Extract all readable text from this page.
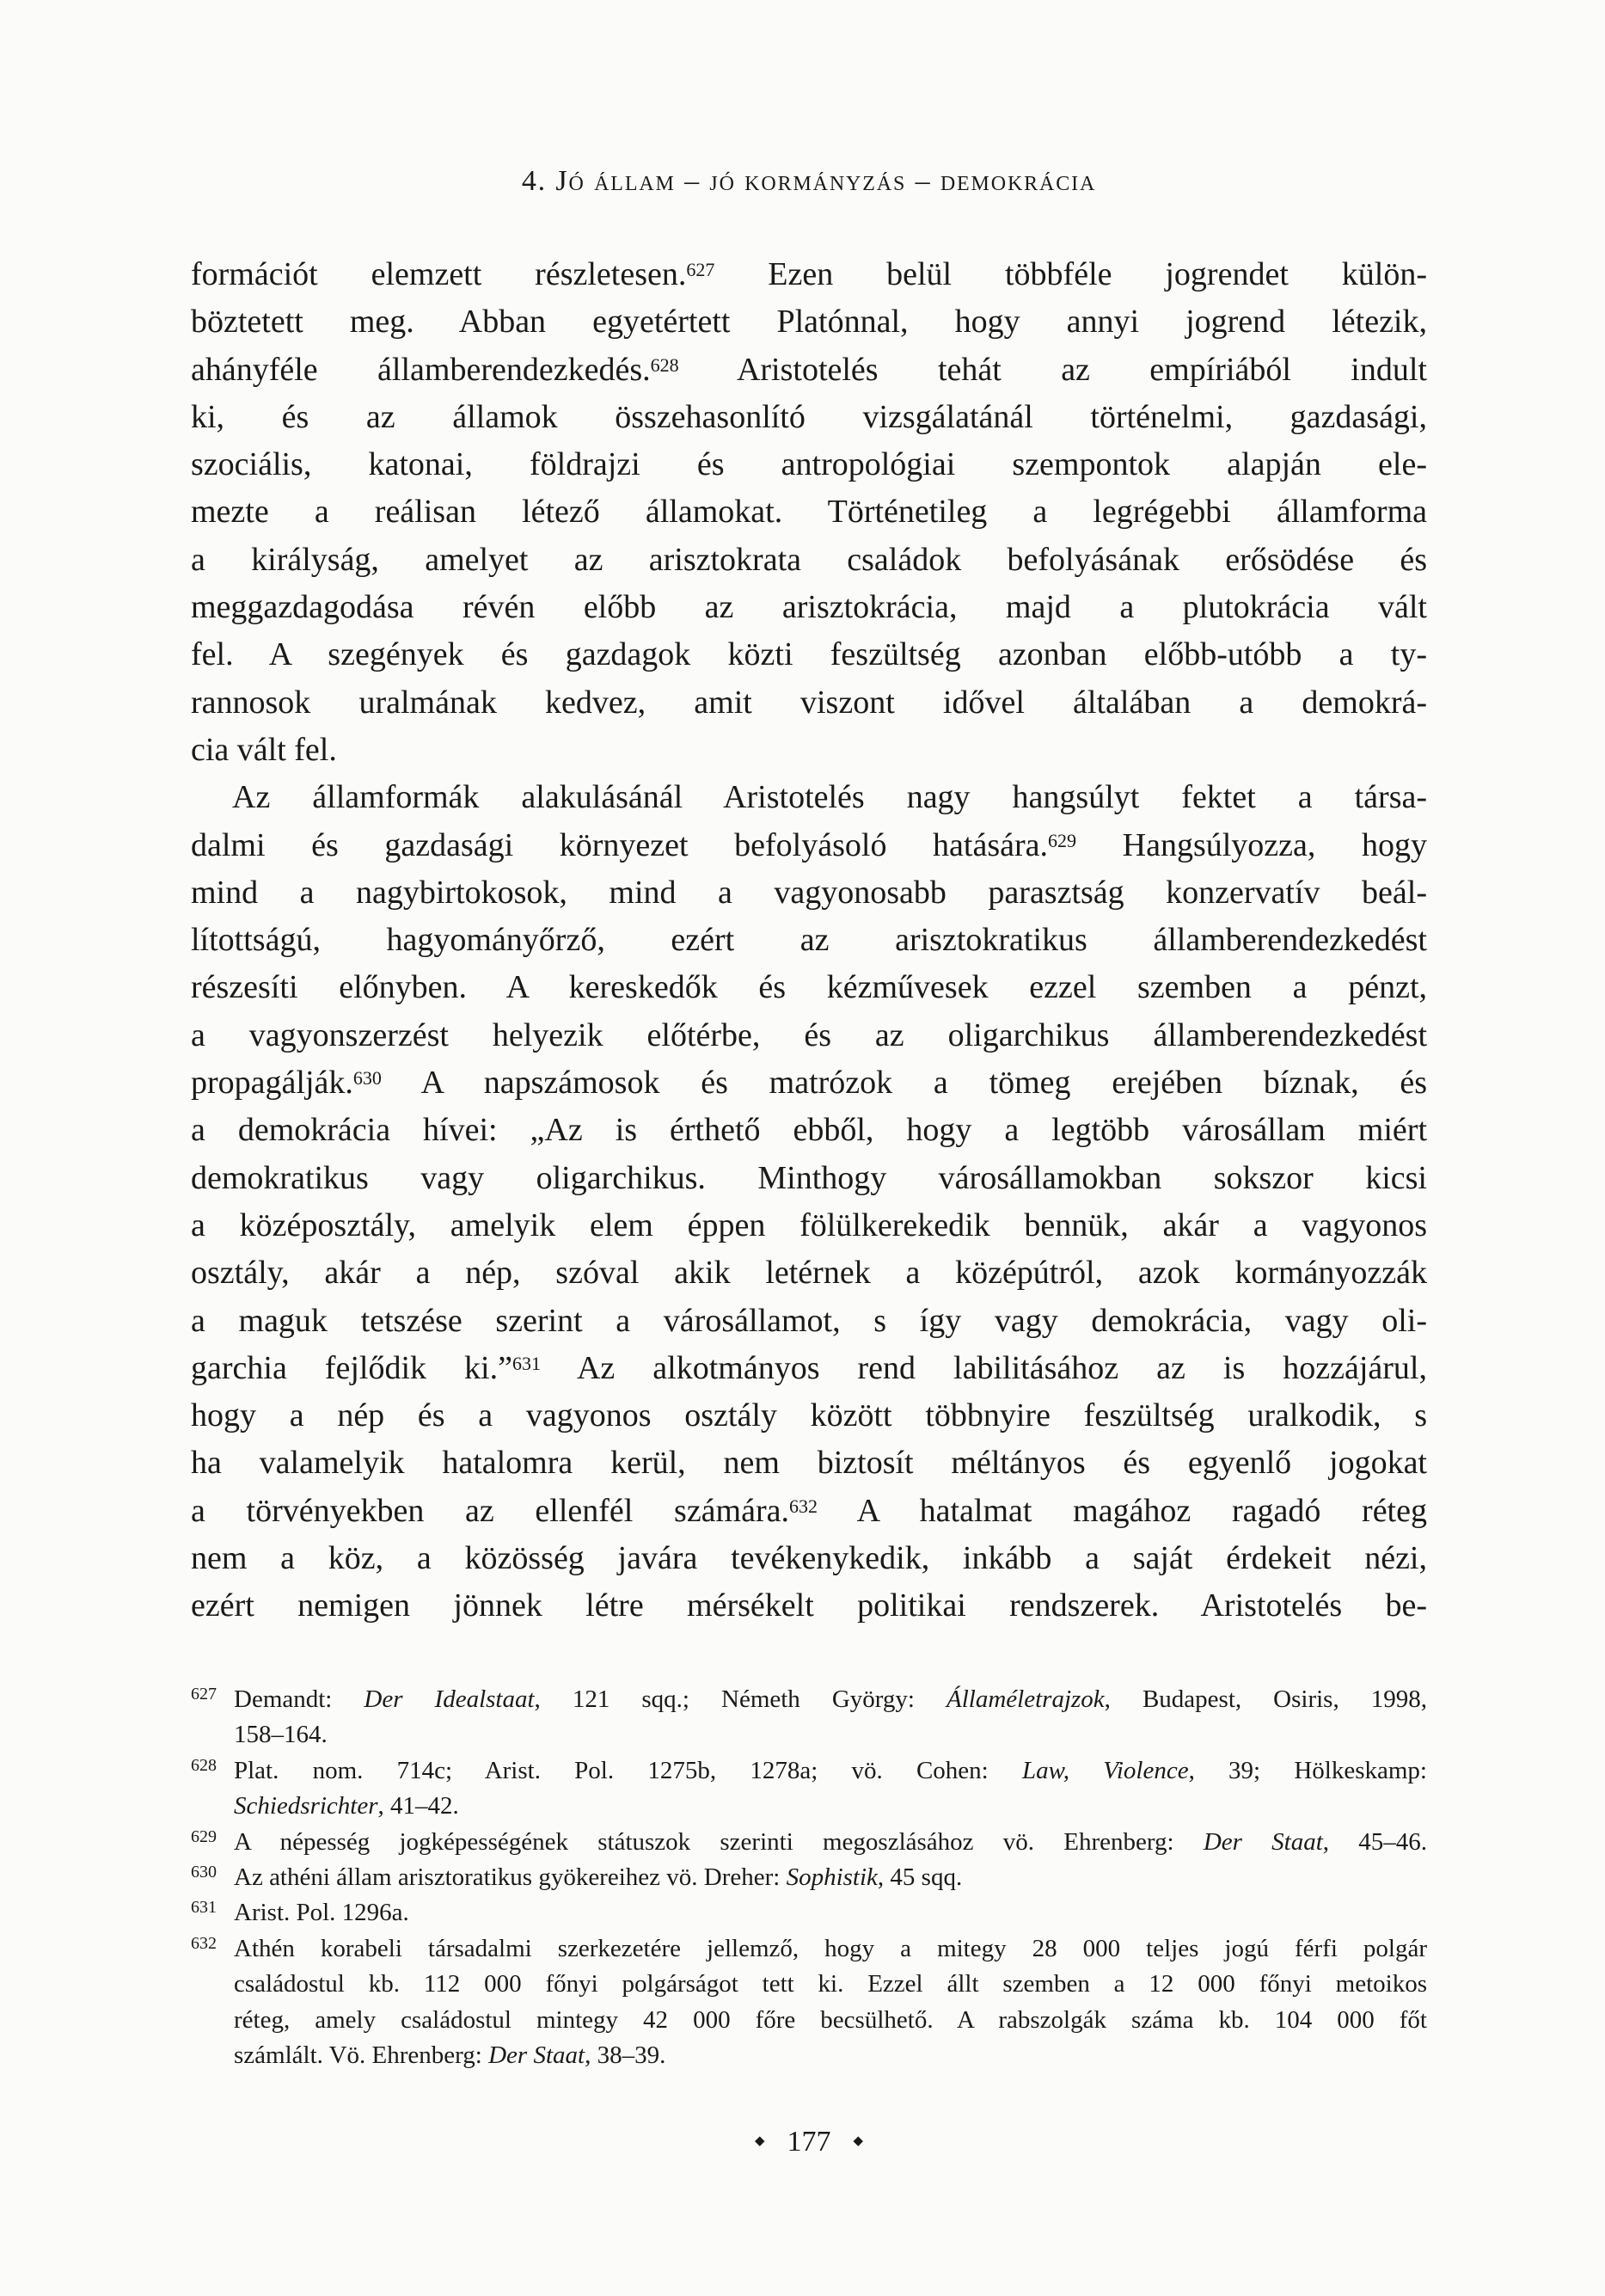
4. Jó állam – jó kormányzás – demokrácia
formációt elemzett részletesen.$^{627}$ Ezen belül többféle jogrendet külön-
böztetett meg. Abban egyetértett Platónnal, hogy annyi jogrend létezik,
ahányféle államberendezkedés.$^{628}$ Aristotelés tehát az empíriából indult
ki, és az államok összehasonlító vizsgálatánál történelmi, gazdasági,
szociális, katonai, földrajzi és antropológiai szempontok alapján ele-
mezte a reálisan létező államokat. Történetileg a legrégebbi államforma
a királyság, amelyet az arisztokrata családok befolyásának erősödése és
meggazdagodása révén előbb az arisztokrácia, majd a plutokrácia vált
fel. A szegények és gazdagok közti feszültség azonban előbb-utóbb a ty-
rannosok uralmának kedvez, amit viszont idővel általában a demokrá-
cia vált fel.
Az államformák alakulásánál Aristotelés nagy hangsúlyt fektet a társa-
dalmi és gazdasági környezet befolyásoló hatására.$^{629}$ Hangsúlyozza, hogy
mind a nagybirtokosok, mind a vagyonosabb parasztság konzervatív beál-
lítottságú, hagyományőrző, ezért az arisztokratikus államberendezkedést
részesíti előnyben. A kereskedők és kézművesek ezzel szemben a pénzt,
a vagyonszerzést helyezik előtérbe, és az oligarchikus államberendezkedést
propagálják.$^{630}$ A napszámosok és matrózok a tömeg erejében bíznak, és
a demokrácia hívei: „Az is érthető ebből, hogy a legtöbb városállam miért
demokratikus vagy oligarchikus. Minthogy városállamokban sokszor kicsi
a középosztály, amelyik elem éppen fölülkerekedik bennük, akár a vagyonos
osztály, akár a nép, szóval akik letérnek a középútról, azok kormányozzák
a maguk tetszése szerint a városállamot, s így vagy demokrácia, vagy oli-
garchia fejlődik ki.”$^{631}$ Az alkotmányos rend labilitásához az is hozzájárul,
hogy a nép és a vagyonos osztály között többnyire feszültség uralkodik, s
ha valamelyik hatalomra kerül, nem biztosít méltányos és egyenlő jogokat
a törvényekben az ellenfél számára.$^{632}$ A hatalmat magához ragadó réteg
nem a köz, a közösség javára tevékenykedik, inkább a saját érdekeit nézi,
ezért nemigen jönnek létre mérsékelt politikai rendszerek. Aristotelés be-
627 Demandt: Der Idealstaat, 121 sqq.; Németh György: Államéletrajzok, Budapest, Osiris, 1998,
158–164.
628 Plat. nom. 714c; Arist. Pol. 1275b, 1278a; vö. Cohen: Law, Violence, 39; Hölkeskamp:
Schiedsrichter, 41–42.
629 A népesség jogképességének státuszok szerinti megoszlásához vö. Ehrenberg: Der Staat, 45–46.
630 Az athéni állam arisztoratikus gyökereihez vö. Dreher: Sophistik, 45 sqq.
631 Arist. Pol. 1296a.
632 Athén korabeli társadalmi szerkezetére jellemző, hogy a mitegy 28 000 teljes jogú férfi polgár
családostul kb. 112 000 főnyi polgárságot tett ki. Ezzel állt szemben a 12 000 főnyi metoikos
réteg, amely családostul mintegy 42 000 főre becsülhető. A rabszolgák száma kb. 104 000 főt
számlált. Vö. Ehrenberg: Der Staat, 38–39.
◆ 177 ◆
